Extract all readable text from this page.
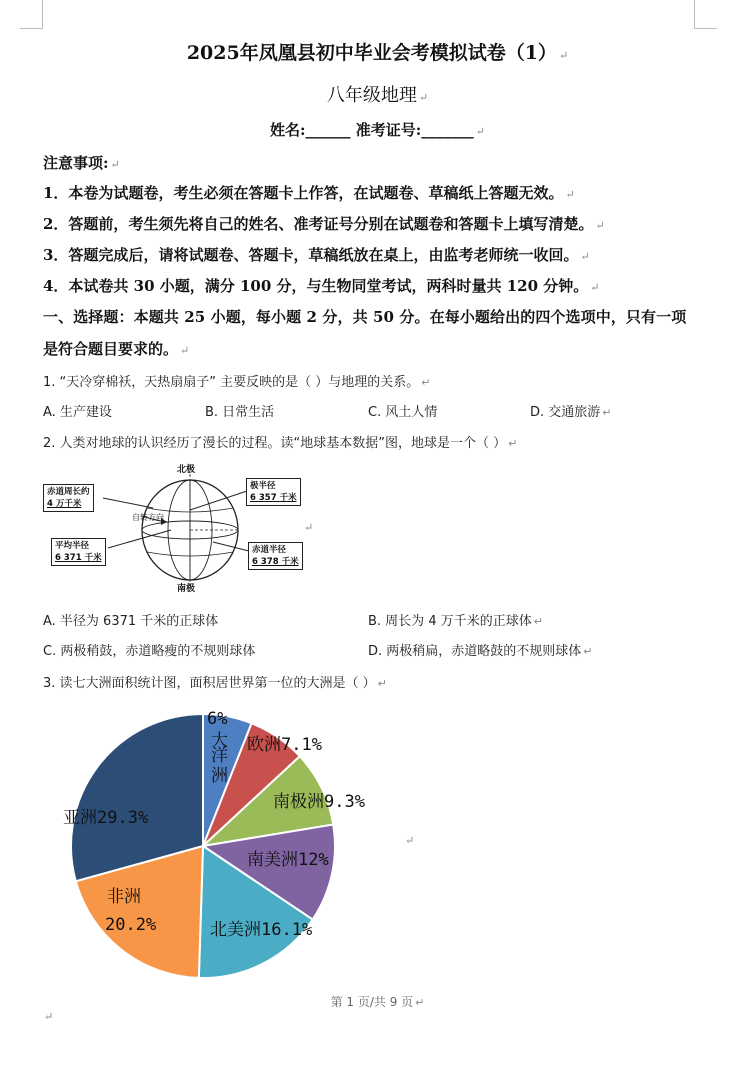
2025年凤凰县初中毕业会考模拟试卷（1） ↵
八年级地理 ↵
姓名:______ 准考证号:_______ ↵
注意事项: ↵
1．本卷为试题卷，考生必须在答题卡上作答，在试题卷、草稿纸上答题无效。 ↵
2．答题前，考生须先将自己的姓名、准考证号分别在试题卷和答题卡上填写清楚。 ↵
3．答题完成后，请将试题卷、答题卡，草稿纸放在桌上，由监考老师统一收回。 ↵
4．本试卷共 30 小题，满分 100 分，与生物同堂考试，两科时量共 120 分钟。 ↵
一、选择题：本题共 25 小题，每小题 2 分，共 50 分。在每小题给出的四个选项中，只有一项
是符合题目要求的。 ↵
1. “天冷穿棉袄，天热扇扇子” 主要反映的是（ ）与地理的关系。 ↵
A. 生产建设	B. 日常生活	C. 风土人情	D. 交通旅游 ↵
2. 人类对地球的认识经历了漫长的过程。读“地球基本数据”图，地球是一个（ ） ↵
北极
南极
自转方向
赤道周长约
4 万千米
极半径
6 357 千米
平均半径
6 371 千米
赤道半径
6 378 千米
↵
A. 半径为 6371 千米的正球体	B. 周长为 4 万千米的正球体 ↵
C. 两极稍鼓，赤道略瘦的不规则球体	D. 两极稍扁，赤道略鼓的不规则球体 ↵
3. 读七大洲面积统计图，面积居世界第一位的大洲是（ ） ↵
6%
大
洋
洲
欧洲7.1%
南极洲9.3%
南美洲12%
北美洲16.1%
非洲
20.2%
亚洲29.3%
↵
第 1 页/共 9 页 ↵
↵
